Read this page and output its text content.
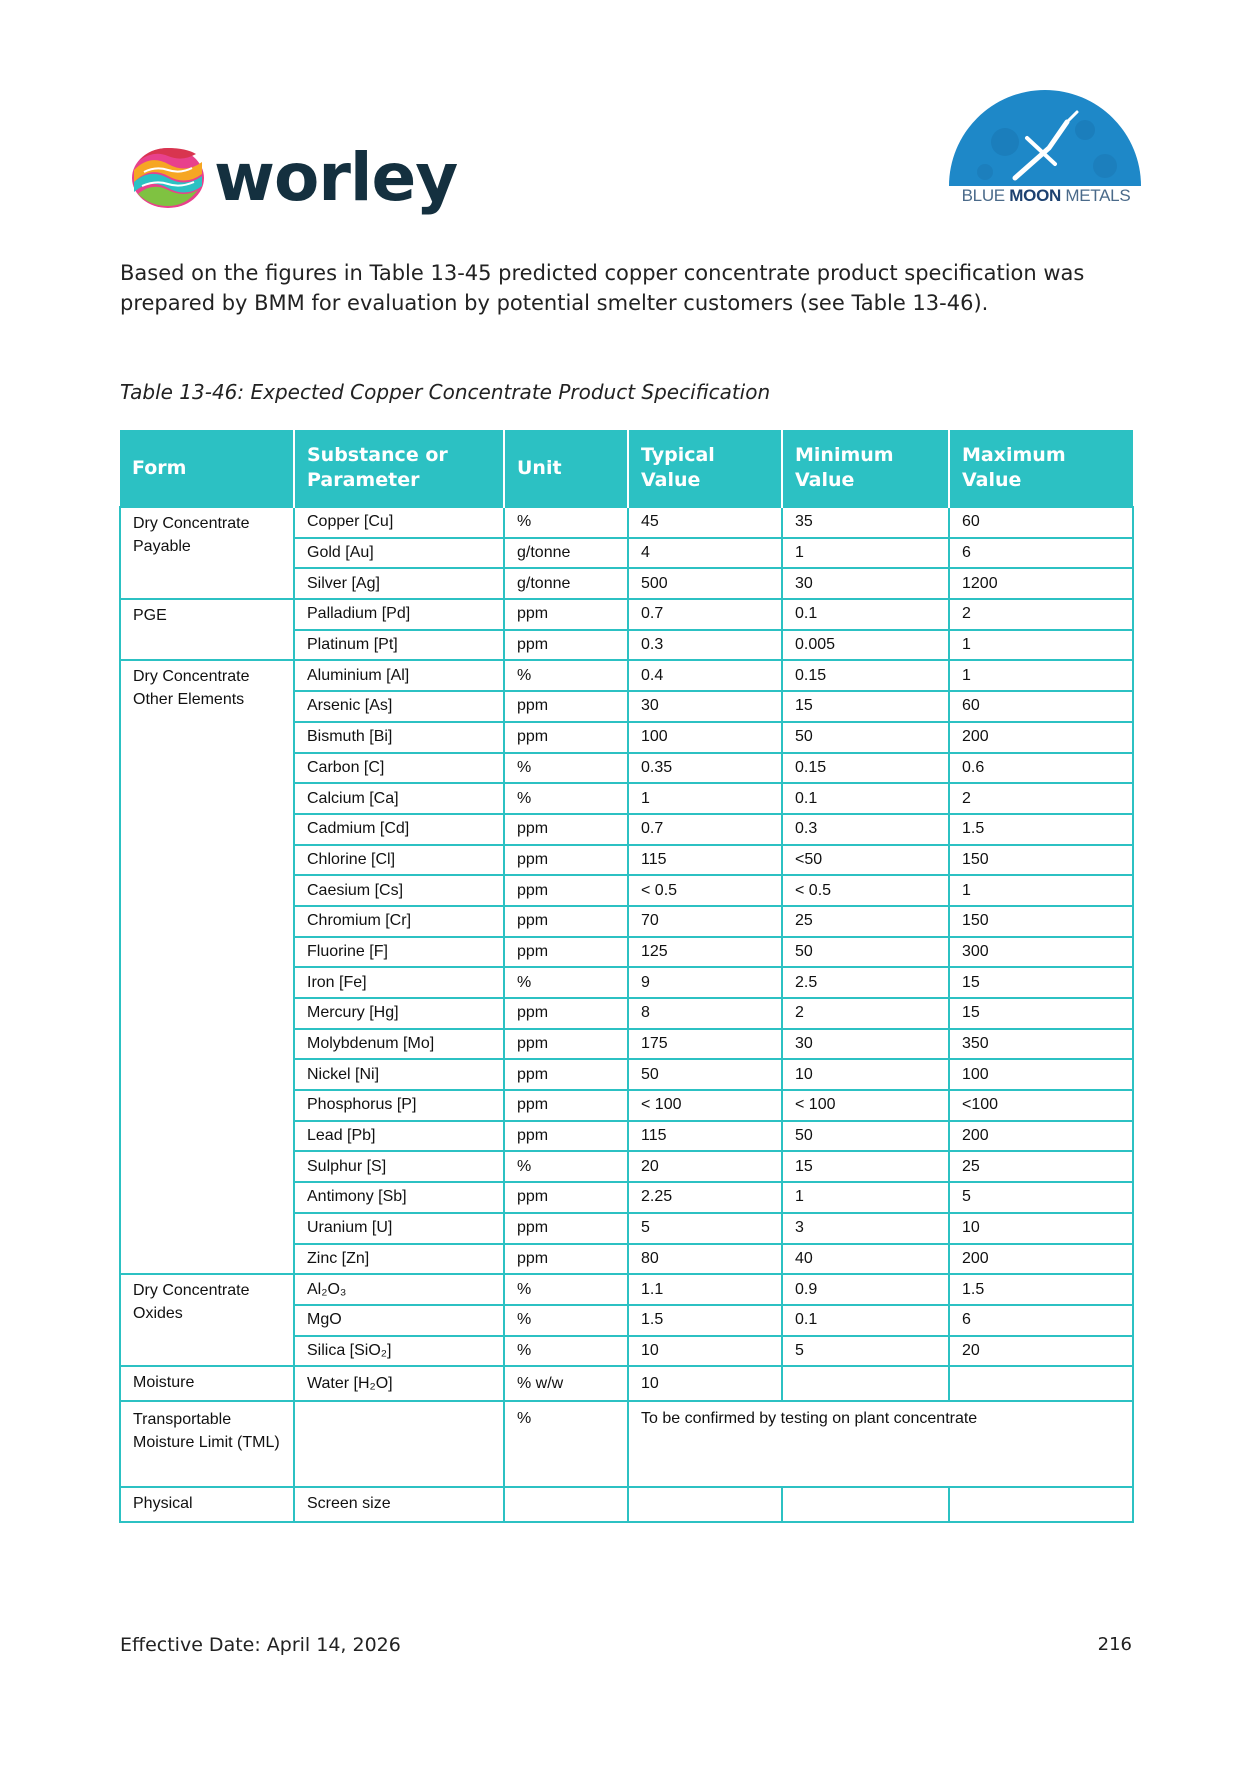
worley	BLUE MOON METALS
Based on the figures in Table 13-45 predicted copper concentrate product specification was prepared by BMM for evaluation by potential smelter customers (see Table 13-46).
Table 13-46: Expected Copper Concentrate Product Specification
Form	Substance or Parameter	Unit	Typical Value	Minimum Value	Maximum Value
Dry Concentrate Payable	Copper [Cu]	%	45	35	60
	Gold [Au]	g/tonne	4	1	6
	Silver [Ag]	g/tonne	500	30	1200
PGE	Palladium [Pd]	ppm	0.7	0.1	2
	Platinum [Pt]	ppm	0.3	0.005	1
Dry Concentrate Other Elements	Aluminium [Al]	%	0.4	0.15	1
	Arsenic [As]	ppm	30	15	60
	Bismuth [Bi]	ppm	100	50	200
	Carbon [C]	%	0.35	0.15	0.6
	Calcium [Ca]	%	1	0.1	2
	Cadmium [Cd]	ppm	0.7	0.3	1.5
	Chlorine [Cl]	ppm	115	<50	150
	Caesium [Cs]	ppm	< 0.5	< 0.5	1
	Chromium [Cr]	ppm	70	25	150
	Fluorine [F]	ppm	125	50	300
	Iron [Fe]	%	9	2.5	15
	Mercury [Hg]	ppm	8	2	15
	Molybdenum [Mo]	ppm	175	30	350
	Nickel [Ni]	ppm	50	10	100
	Phosphorus [P]	ppm	< 100	< 100	<100
	Lead [Pb]	ppm	115	50	200
	Sulphur [S]	%	20	15	25
	Antimony [Sb]	ppm	2.25	1	5
	Uranium [U]	ppm	5	3	10
	Zinc [Zn]	ppm	80	40	200
Dry Concentrate Oxides	Al₂O₃	%	1.1	0.9	1.5
	MgO	%	1.5	0.1	6
	Silica [SiO₂]	%	10	5	20
Moisture	Water [H₂O]	% w/w	10		
Transportable Moisture Limit (TML)		%	To be confirmed by testing on plant concentrate		
Physical	Screen size				
Effective Date: April 14, 2026	216
